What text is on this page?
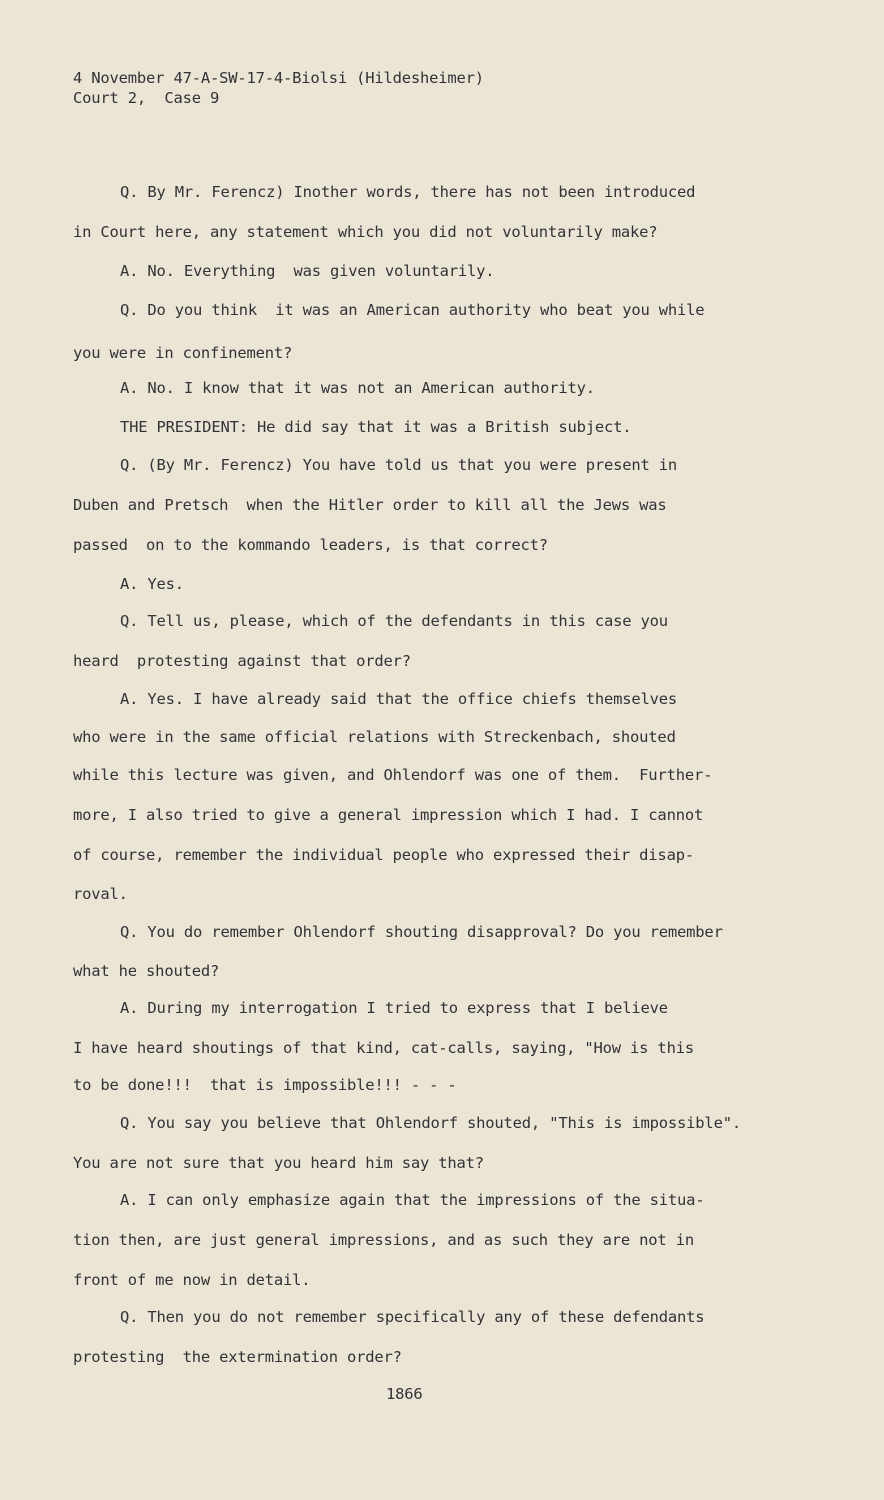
4 November 47-A-SW-17-4-Biolsi (Hildesheimer)
Court 2,  Case 9
Q. By Mr. Ferencz) Inother words, there has not been introduced
in Court here, any statement which you did not voluntarily make?
A. No. Everything  was given voluntarily.
Q. Do you think  it was an American authority who beat you while
you were in confinement?
A. No. I know that it was not an American authority.
THE PRESIDENT: He did say that it was a British subject.
Q. (By Mr. Ferencz) You have told us that you were present in
Duben and Pretsch  when the Hitler order to kill all the Jews was
passed  on to the kommando leaders, is that correct?
A. Yes.
Q. Tell us, please, which of the defendants in this case you
heard  protesting against that order?
A. Yes. I have already said that the office chiefs themselves
who were in the same official relations with Streckenbach, shouted
while this lecture was given, and Ohlendorf was one of them.  Further-
more, I also tried to give a general impression which I had. I cannot
of course, remember the individual people who expressed their disap-
roval.
Q. You do remember Ohlendorf shouting disapproval? Do you remember
what he shouted?
A. During my interrogation I tried to express that I believe
I have heard shoutings of that kind, cat-calls, saying, "How is this
to be done!!!  that is impossible!!! - - -
Q. You say you believe that Ohlendorf shouted, "This is impossible".
You are not sure that you heard him say that?
A. I can only emphasize again that the impressions of the situa-
tion then, are just general impressions, and as such they are not in
front of me now in detail.
Q. Then you do not remember specifically any of these defendants
protesting  the extermination order?
1866
